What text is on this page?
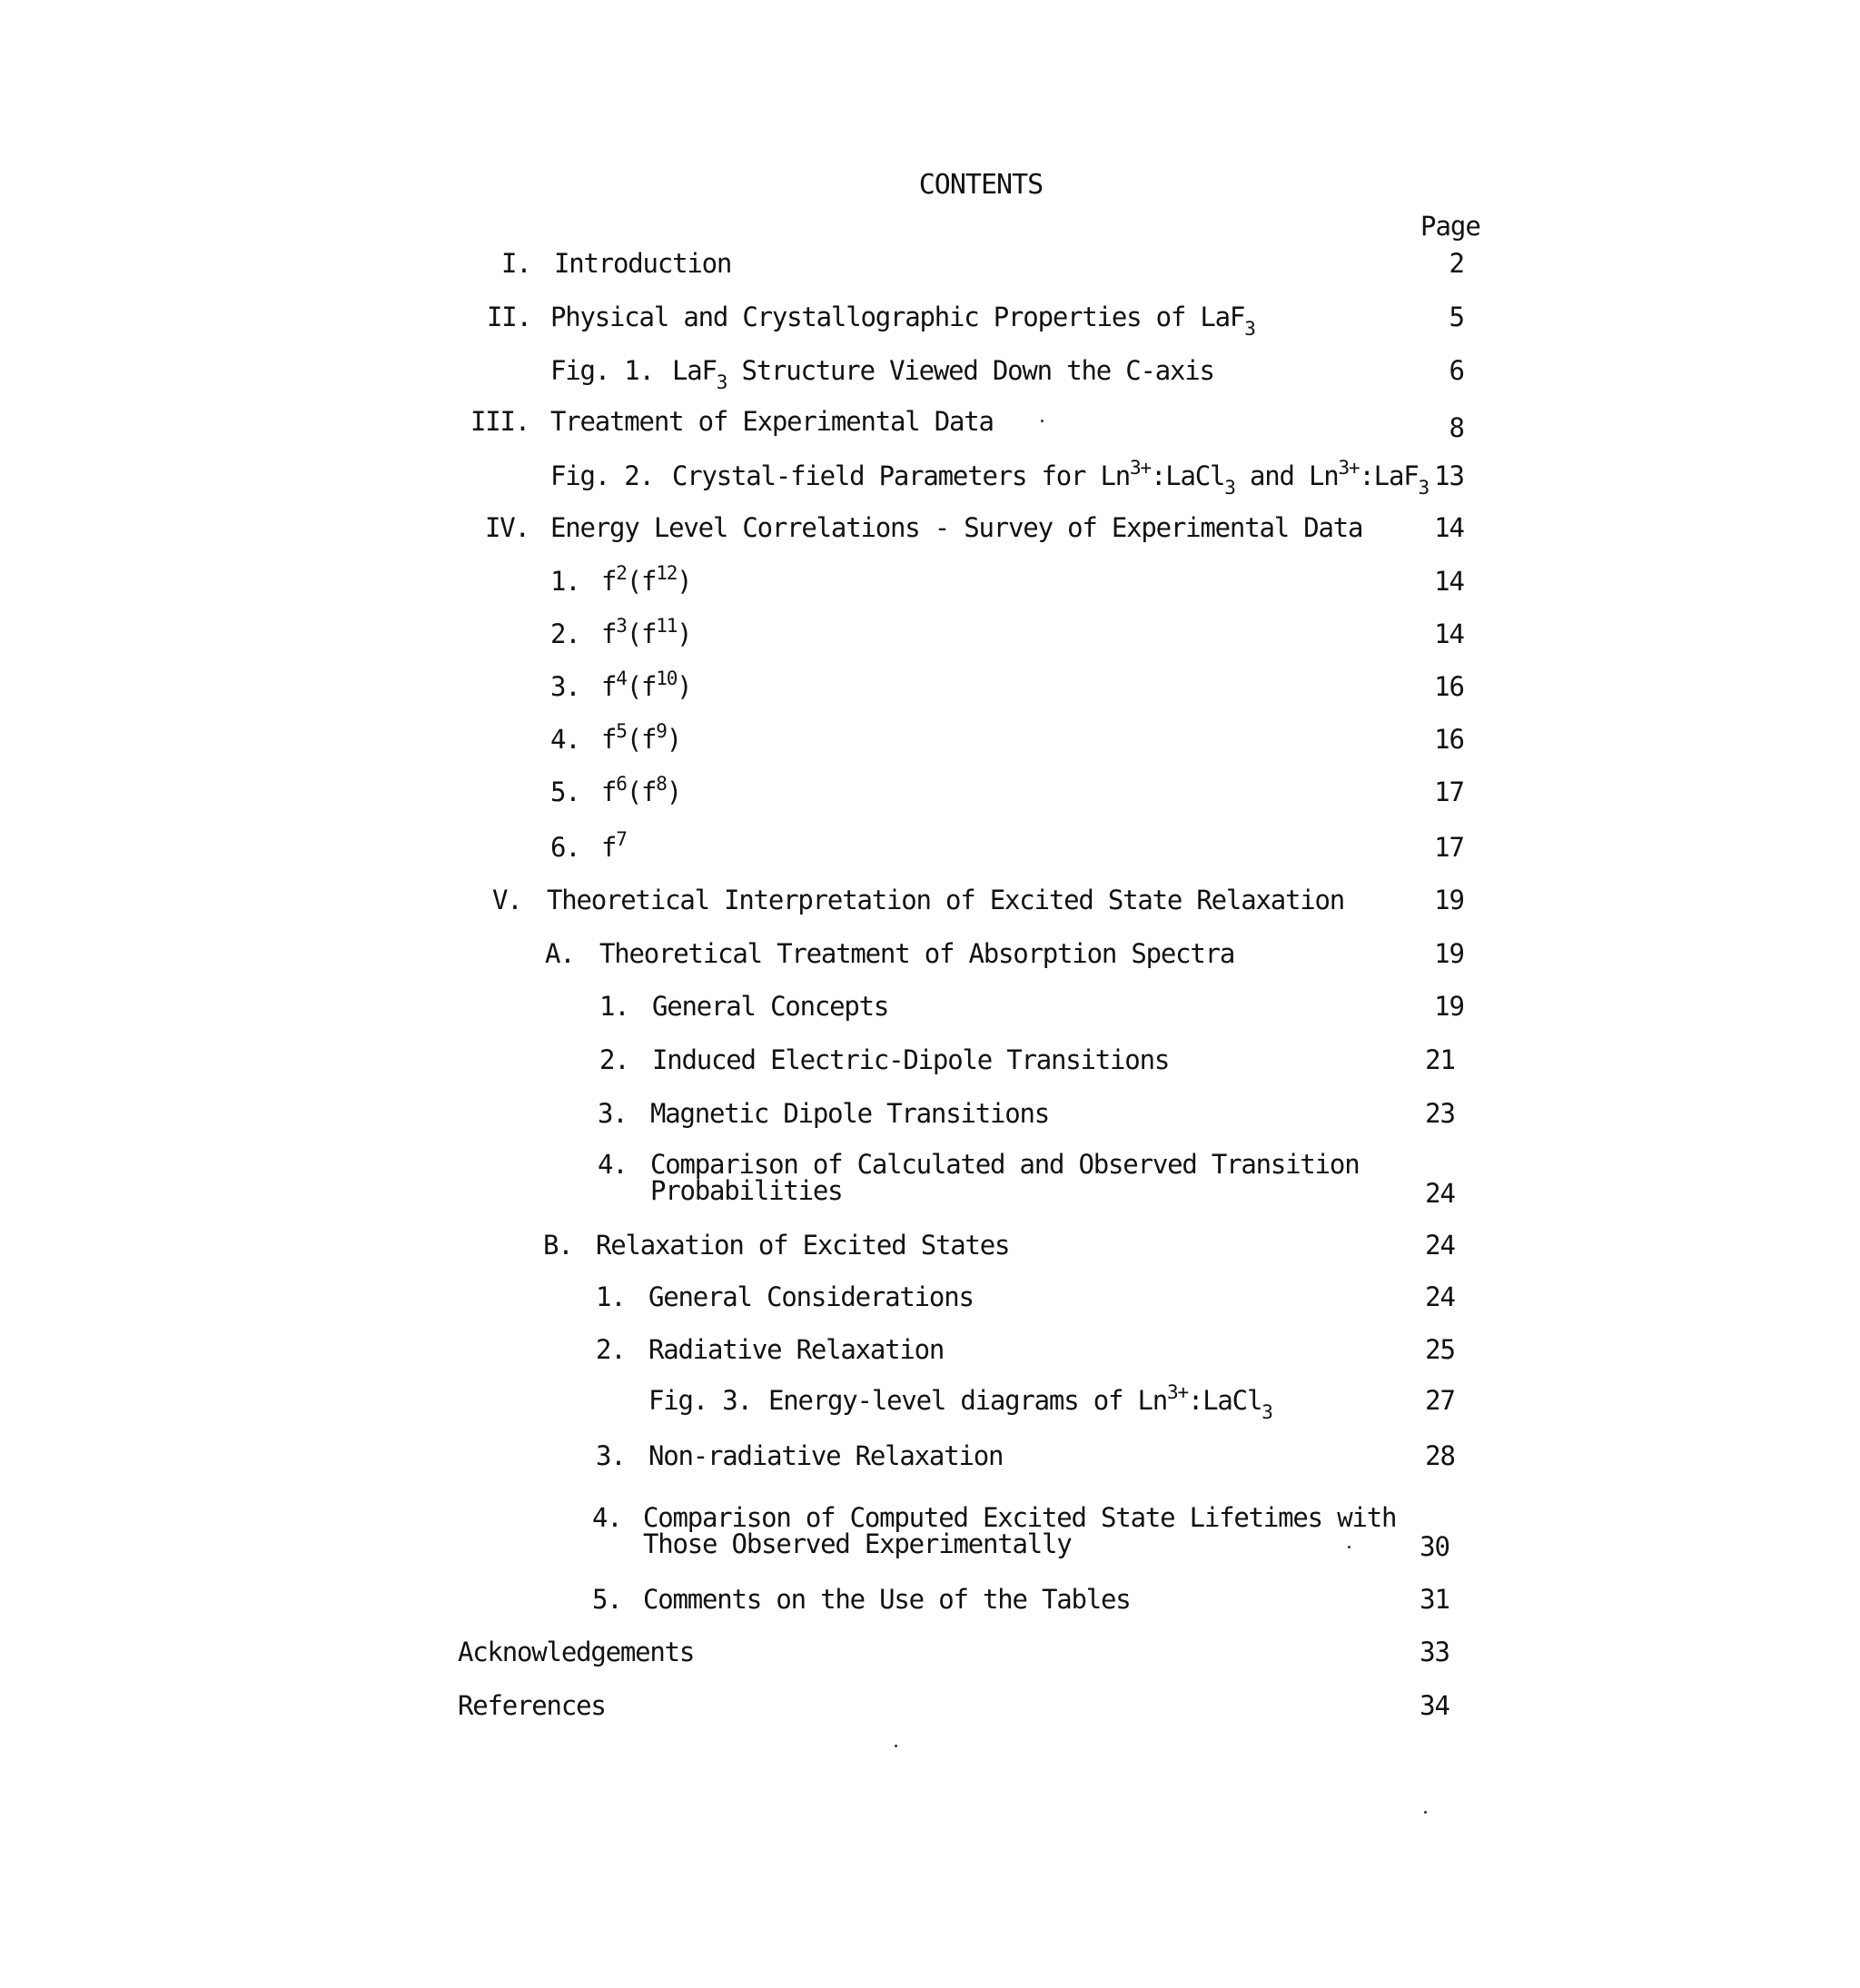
CONTENTS
Page
I. Introduction	2
II. Physical and Crystallographic Properties of LaF$_3$	5
Fig. 1. LaF$_3$ Structure Viewed Down the C-axis	6
III. Treatment of Experimental Data	8
Fig. 2. Crystal-field Parameters for $Ln^{3+}:LaCl_3$ and $Ln^{3+}:LaF_3$ 13
IV. Energy Level Correlations - Survey of Experimental Data	14
1. $f^2(f^{12})$	14
2. $f^3(f^{11})$	14
3. $f^4(f^{10})$	16
4. $f^5(f^9)$	16
5. $f^6(f^8)$	17
6. $f^7$	17
V. Theoretical Interpretation of Excited State Relaxation	19
A. Theoretical Treatment of Absorption Spectra	19
1. General Concepts	19
2. Induced Electric-Dipole Transitions	21
3. Magnetic Dipole Transitions	23
4. Comparison of Calculated and Observed Transition
Probabilities	24
B. Relaxation of Excited States	24
1. General Considerations	24
2. Radiative Relaxation	25
Fig. 3. Energy-level diagrams of $Ln^{3+}:LaCl_3$	27
3. Non-radiative Relaxation	28
4. Comparison of Computed Excited State Lifetimes with
Those Observed Experimentally	30
5. Comments on the Use of the Tables	31
Acknowledgements	33
References	34
